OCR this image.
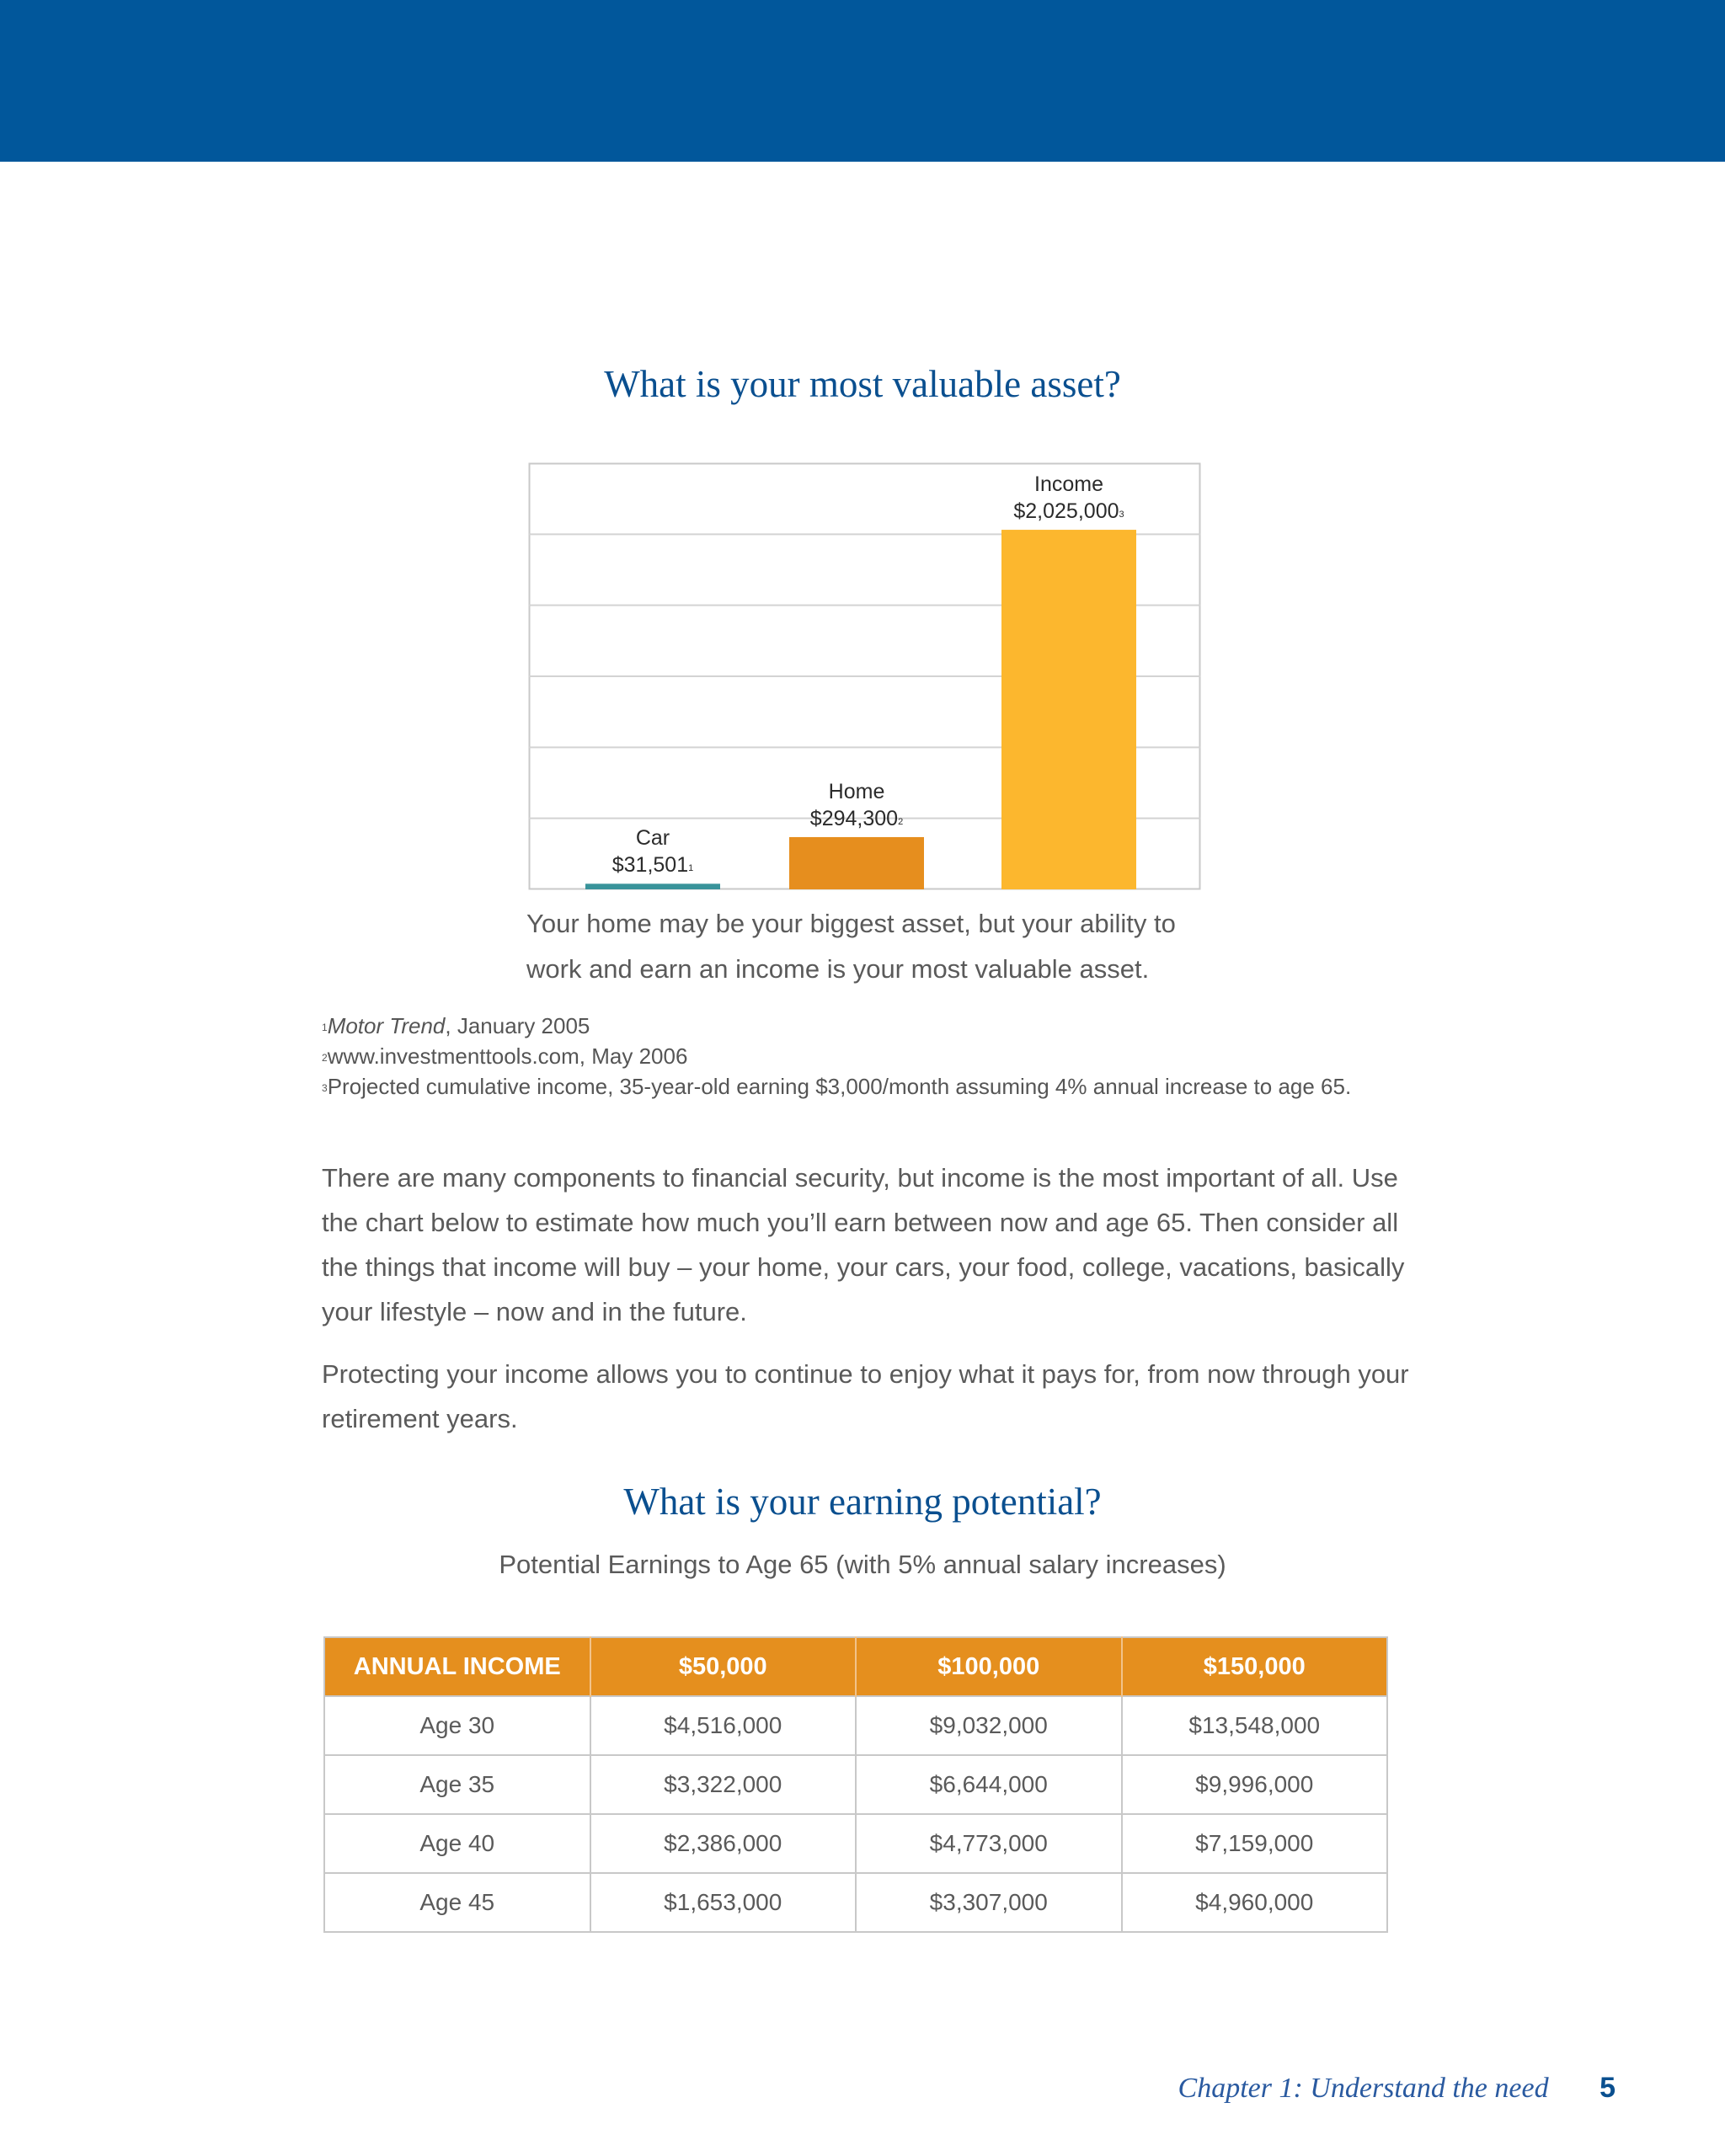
What is your most valuable asset?
Car
$31,501$^1$
Home
$294,300$^2$
Income
$2,025,000$^3$
Your home may be your biggest asset, but your ability to
work and earn an income is your most valuable asset.
$^1$Motor Trend, January 2005
$^2$www.investmenttools.com, May 2006
$^3$Projected cumulative income, 35-year-old earning $3,000/month assuming 4% annual increase to age 65.

There are many components to financial security, but income is the most important of all. Use the chart below to estimate how much you’ll earn between now and age 65. Then consider all the things that income will buy – your home, your cars, your food, college, vacations, basically your lifestyle – now and in the future.

Protecting your income allows you to continue to enjoy what it pays for, from now through your retirement years.

What is your earning potential?
Potential Earnings to Age 65 (with 5% annual salary increases)
ANNUAL INCOME	$50,000	$100,000	$150,000
Age 30	$4,516,000	$9,032,000	$13,548,000
Age 35	$3,322,000	$6,644,000	$9,996,000
Age 40	$2,386,000	$4,773,000	$7,159,000
Age 45	$1,653,000	$3,307,000	$4,960,000
Chapter 1: Understand the need 5
